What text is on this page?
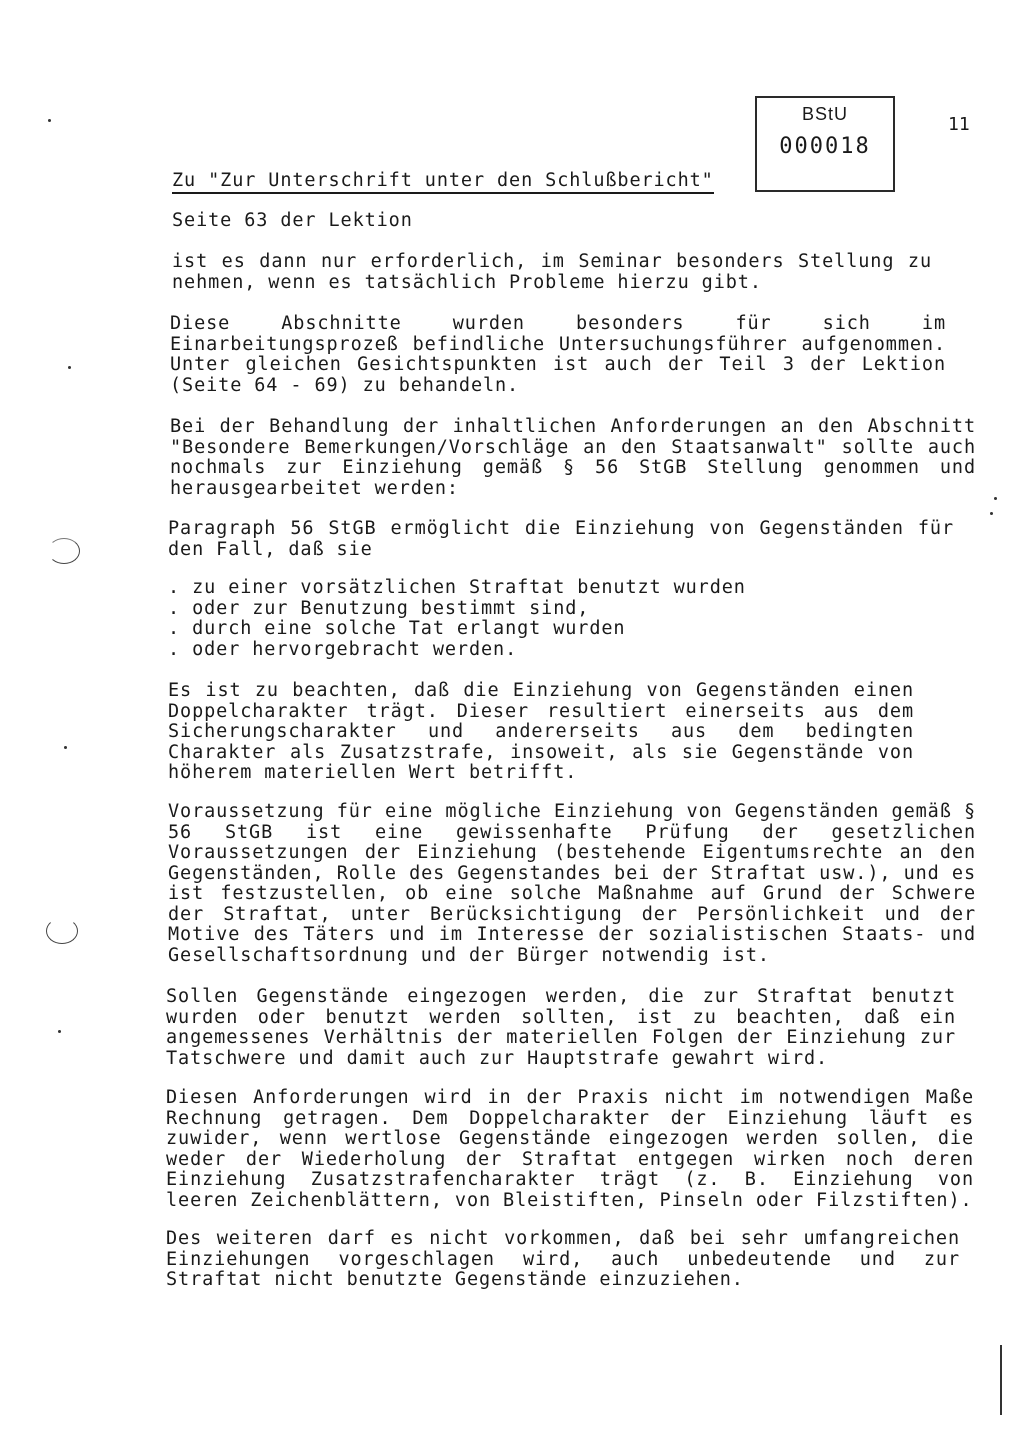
BStU
000018
11
Zu "Zur Unterschrift unter den Schlußbericht"
Seite 63 der Lektion

ist es dann nur erforderlich, im Seminar besonders Stellung zu nehmen, wenn es tatsächlich Probleme hierzu gibt.

Diese Abschnitte wurden besonders für sich im Einarbeitungsprozeß befindliche Untersuchungsführer aufgenommen. Unter gleichen Gesichtspunkten ist auch der Teil 3 der Lektion (Seite 64 - 69) zu behandeln.

Bei der Behandlung der inhaltlichen Anforderungen an den Abschnitt "Besondere Bemerkungen/Vorschläge an den Staatsanwalt" sollte auch nochmals zur Einziehung gemäß § 56 StGB Stellung genommen und herausgearbeitet werden:

Paragraph 56 StGB ermöglicht die Einziehung von Gegenständen für den Fall, daß sie

. zu einer vorsätzlichen Straftat benutzt wurden
. oder zur Benutzung bestimmt sind,
. durch eine solche Tat erlangt wurden
. oder hervorgebracht werden.

Es ist zu beachten, daß die Einziehung von Gegenständen einen Doppelcharakter trägt. Dieser resultiert einerseits aus dem Sicherungscharakter und andererseits aus dem bedingten Charakter als Zusatzstrafe, insoweit, als sie Gegenstände von höherem materiellen Wert betrifft.

Voraussetzung für eine mögliche Einziehung von Gegenständen gemäß § 56 StGB ist eine gewissenhafte Prüfung der gesetzlichen Voraussetzungen der Einziehung (bestehende Eigentumsrechte an den Gegenständen, Rolle des Gegenstandes bei der Straftat usw.), und es ist festzustellen, ob eine solche Maßnahme auf Grund der Schwere der Straftat, unter Berücksichtigung der Persönlichkeit und der Motive des Täters und im Interesse der sozialistischen Staats- und Gesellschaftsordnung und der Bürger notwendig ist.

Sollen Gegenstände eingezogen werden, die zur Straftat benutzt wurden oder benutzt werden sollten, ist zu beachten, daß ein angemessenes Verhältnis der materiellen Folgen der Einziehung zur Tatschwere und damit auch zur Hauptstrafe gewahrt wird.

Diesen Anforderungen wird in der Praxis nicht im notwendigen Maße Rechnung getragen. Dem Doppelcharakter der Einziehung läuft es zuwider, wenn wertlose Gegenstände eingezogen werden sollen, die weder der Wiederholung der Straftat entgegen wirken noch deren Einziehung Zusatzstrafencharakter trägt (z. B. Einziehung von leeren Zeichenblättern, von Bleistiften, Pinseln oder Filzstiften).

Des weiteren darf es nicht vorkommen, daß bei sehr umfangreichen Einziehungen vorgeschlagen wird, auch unbedeutende und zur Straftat nicht benutzte Gegenstände einzuziehen.
